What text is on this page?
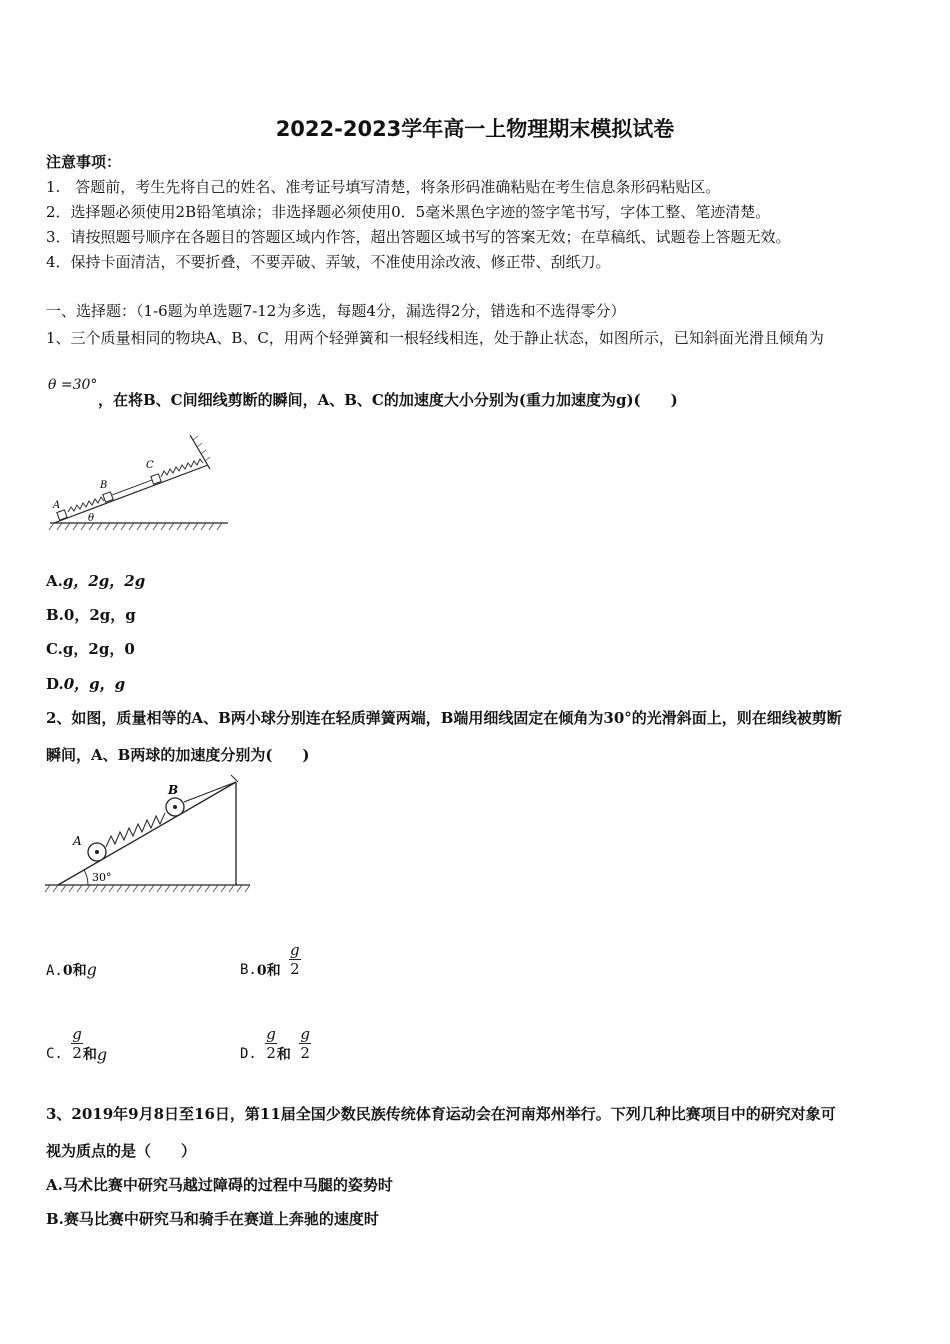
2022-2023学年高一上物理期末模拟试卷
注意事项：
1.　答题前，考生先将自己的姓名、准考证号填写清楚，将条形码准确粘贴在考生信息条形码粘贴区。
2．选择题必须使用2B铅笔填涂；非选择题必须使用0．5毫米黑色字迹的签字笔书写，字体工整、笔迹清楚。
3．请按照题号顺序在各题目的答题区域内作答，超出答题区域书写的答案无效；在草稿纸、试题卷上答题无效。
4．保持卡面清洁，不要折叠，不要弄破、弄皱，不准使用涂改液、修正带、刮纸刀。
一、选择题：（1-6题为单选题7-12为多选，每题4分，漏选得2分，错选和不选得零分）
1、三个质量相同的物块A、B、C，用两个轻弹簧和一根轻线相连，处于静止状态，如图所示，已知斜面光滑且倾角为
θ =30°
，在将B、C间细线剪断的瞬间，A、B、C的加速度大小分别为(重力加速度为g)(　　)
A
B
C
θ
A.g，2g，2g
B.0，2g，g
C.g，2g，0
D.0，g，g
2、如图，质量相等的A、B两小球分别连在轻质弹簧两端，B端用细线固定在倾角为30°的光滑斜面上，则在细线被剪断
瞬间，A、B两球的加速度分别为(　　)
A
B
30°
A.0和g	B.0和 $\frac{g}{2}$
C. $\frac{g}{2}$ 和g	D. $\frac{g}{2}$ 和 $\frac{g}{2}$
3、2019年9月8日至16日，第11届全国少数民族传统体育运动会在河南郑州举行。下列几种比赛项目中的研究对象可
视为质点的是（　　）
A.马术比赛中研究马越过障碍的过程中马腿的姿势时
B.赛马比赛中研究马和骑手在赛道上奔驰的速度时
